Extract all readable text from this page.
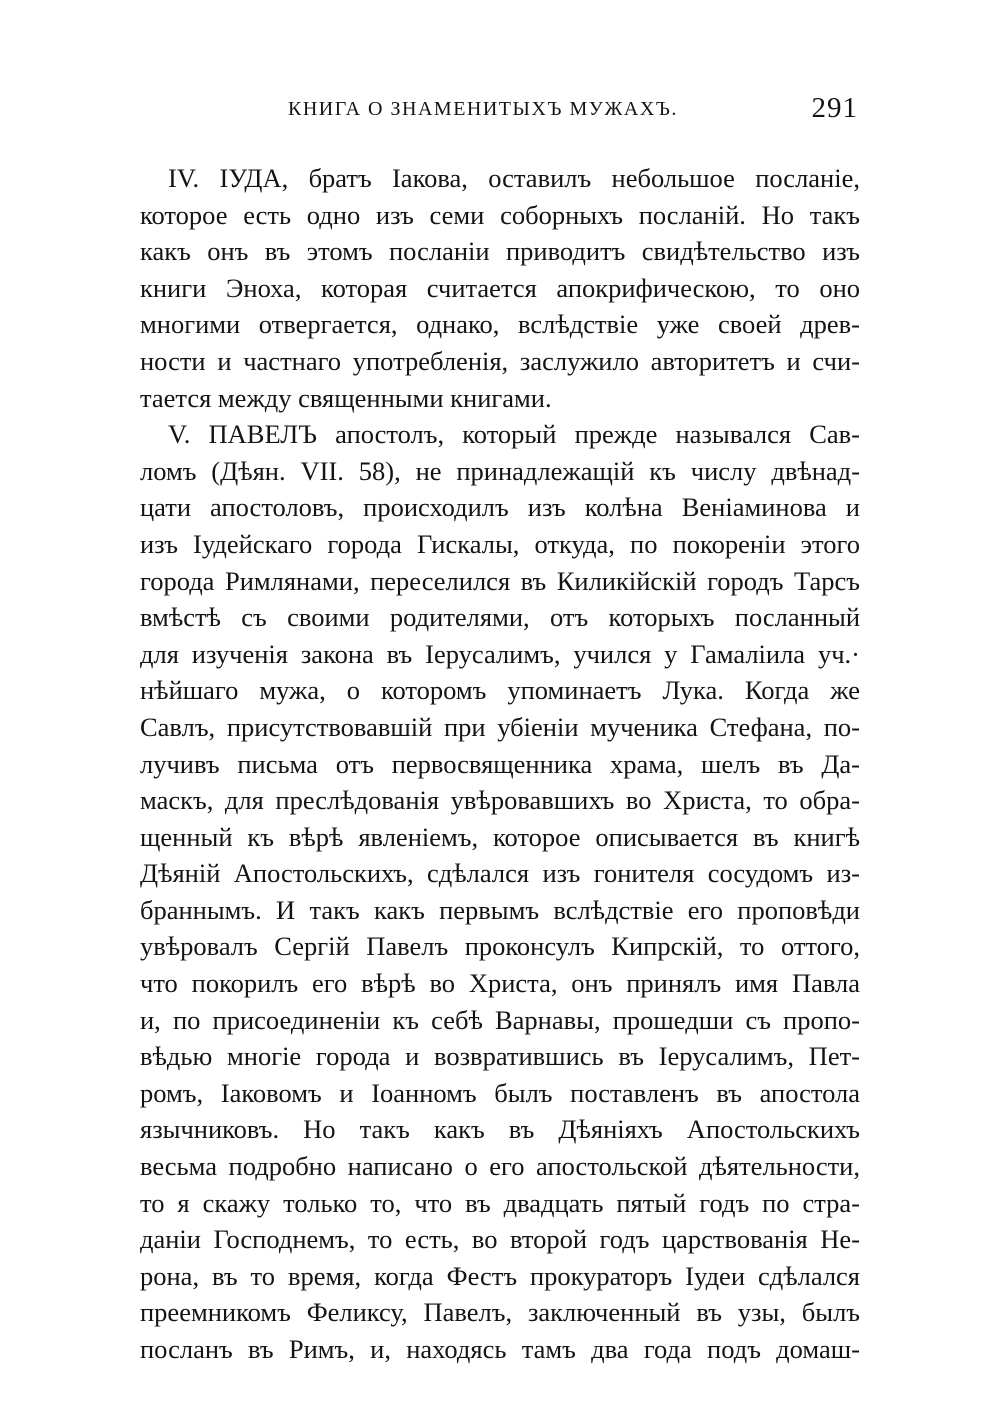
КНИГА О ЗНАМЕНИТЫХЪ МУЖАХЪ.	291
IV. IУДА, братъ Iакова, оставилъ небольшое посланіе,
которое есть одно изъ семи соборныхъ посланій. Но такъ
какъ онъ въ этомъ посланіи приводитъ свидѣтельство изъ
книги Эноха, которая считается апокрифическою, то оно
многими отвергается, однако, вслѣдствіе уже своей древ-
ности и частнаго употребленія, заслужило авторитетъ и счи-
тается между священными книгами.
V. ПАВЕЛЪ апостолъ, который прежде назывался Сав-
ломъ (Дѣян. VII. 58), не принадлежащій къ числу двѣнад-
цати апостоловъ, происходилъ изъ колѣна Веніаминова и
изъ Iудейскаго города Гискалы, откуда, по покореніи этого
города Римлянами, переселился въ Киликійскій городъ Тарсъ
вмѣстѣ съ своими родителями, отъ которыхъ посланный
для изученія закона въ Iерусалимъ, учился у Гамаліила уч.·
нѣйшаго мужа, о которомъ упоминаетъ Лука. Когда же
Савлъ, присутствовавшій при убіеніи мученика Стефана, по-
лучивъ письма отъ первосвященника храма, шелъ въ Да-
маскъ, для преслѣдованія увѣровавшихъ во Христа, то обра-
щенный къ вѣрѣ явленіемъ, которое описывается въ книгѣ
Дѣяній Апостольскихъ, сдѣлался изъ гонителя сосудомъ из-
браннымъ. И такъ какъ первымъ вслѣдствіе его проповѣди
увѣровалъ Сергій Павелъ проконсулъ Кипрскій, то оттого,
что покорилъ его вѣрѣ во Христа, онъ принялъ имя Павла
и, по присоединеніи къ себѣ Варнавы, прошедши съ пропо-
вѣдью многіе города и возвратившись въ Iерусалимъ, Пет-
ромъ, Iаковомъ и Iоанномъ былъ поставленъ въ апостола
язычниковъ. Но такъ какъ въ Дѣяніяхъ Апостольскихъ
весьма подробно написано о его апостольской дѣятельности,
то я скажу только то, что въ двадцать пятый годъ по стра-
даніи Господнемъ, то есть, во второй годъ царствованія Не-
рона, въ то время, когда Фестъ прокураторъ Iудеи сдѣлался
преемникомъ Феликсу, Павелъ, заключенный въ узы, былъ
посланъ въ Римъ, и, находясь тамъ два года подъ домаш-
